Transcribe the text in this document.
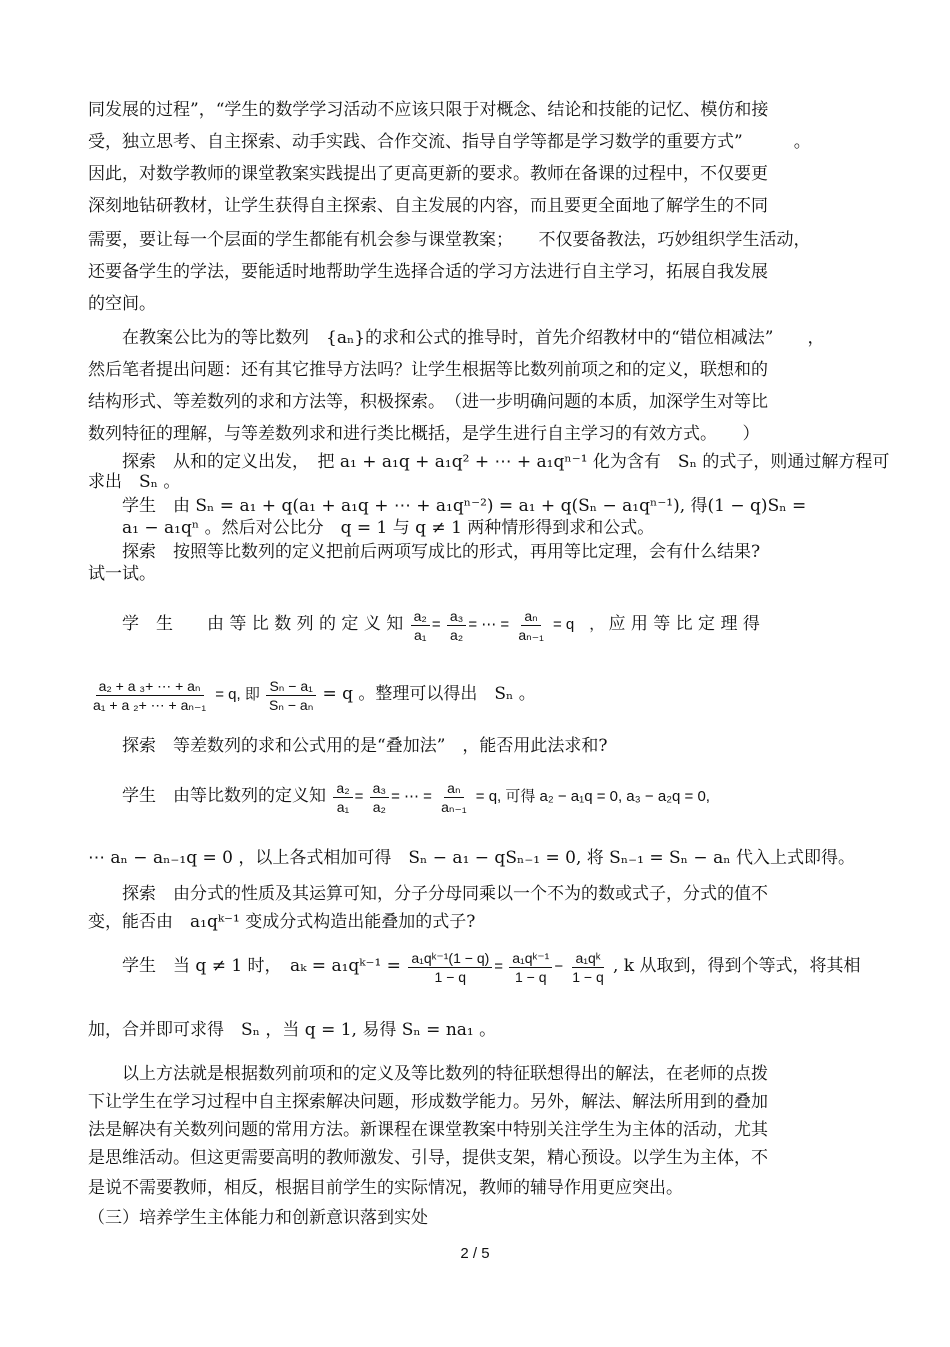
同发展的过程”，“学生的数学学习活动不应该只限于对概念、结论和技能的记忆、模仿和接
受，独立思考、自主探索、动手实践、合作交流、指导自学等都是学习数学的重要方式”　　　。
因此，对数学教师的课堂教案实践提出了更高更新的要求。教师在备课的过程中，不仅要更
深刻地钻研教材，让学生获得自主探索、自主发展的内容，而且要更全面地了解学生的不同
需要，要让每一个层面的学生都能有机会参与课堂教案；　　不仅要备教法，巧妙组织学生活动，
还要备学生的学法，要能适时地帮助学生选择合适的学习方法进行自主学习，拓展自我发展
的空间。
　　在教案公比为的等比数列　{aₙ}的求和公式的推导时，首先介绍教材中的“错位相减法”　　，
然后笔者提出问题：还有其它推导方法吗？让学生根据等比数列前项之和的定义，联想和的
结构形式、等差数列的求和方法等，积极探索。　（进一步明确问题的本质，加深学生对等比
数列特征的理解，与等差数列求和进行类比概括，是学生进行自主学习的有效方式。　　）
　　探索　从和的定义出发，　把 a₁ + a₁q + a₁q² + ⋯ + a₁qⁿ⁻¹ 化为含有　Sₙ 的式子，则通过解方程可
求出　Sₙ 。
　　学生　由 Sₙ = a₁ + q(a₁ + a₁q + ⋯ + a₁qⁿ⁻²) = a₁ + q(Sₙ − a₁qⁿ⁻¹), 得(1 − q)Sₙ =
　　a₁ − a₁qⁿ 。然后对公比分　q = 1 与 q ≠ 1 两种情形得到求和公式。
　　探索　按照等比数列的定义把前后两项写成比的形式，再用等比定理，会有什么结果?
试一试。
　　学　生　　由 等 比 数 列 的 定 义 知 $\frac{\text{a₂}}{\text{a₁}} = \frac{\text{a₃}}{\text{a₂}}$ = ⋯ = $\frac{\text{aₙ}}{\text{aₙ₋₁}} = q$　， 应 用 等 比 定 理 得
$\frac{\text{a₂ + a ₃+ ⋯ + aₙ}}{\text{a₁ + a ₂+ ⋯ + aₙ₋₁}} = q$, 即 $\frac{\text{Sₙ − a₁}}{\text{Sₙ − aₙ}} = q$ 。整理可以得出　Sₙ 。
　　探索　等差数列的求和公式用的是“叠加法”　，能否用此法求和?
　　学生　由等比数列的定义知 $\frac{\text{a₂}}{\text{a₁}} = \frac{\text{a₃}}{\text{a₂}}$ = ⋯ = $\frac{\text{aₙ}}{\text{aₙ₋₁}} = q$, 可得 a₂ − a₁q = 0, a₃ − a₂q = 0,
⋯ aₙ − aₙ₋₁q = 0 ，以上各式相加可得　Sₙ − a₁ − qSₙ₋₁ = 0, 将 Sₙ₋₁ = Sₙ − aₙ 代入上式即得。
　　探索　由分式的性质及其运算可知，分子分母同乘以一个不为的数或式子，分式的值不
变，能否由　a₁qᵏ⁻¹ 变成分式构造出能叠加的式子?
　　学生　当 q ≠ 1 时，　aₖ = a₁qᵏ⁻¹ = $\frac{\text{a₁qᵏ⁻¹(1 − q)}}{1 - q} = \frac{\text{a₁qᵏ⁻¹}}{1 - q} - \frac{\text{a₁qᵏ}}{1 - q}$ , k 从取到，得到个等式，将其相
加，合并即可求得　Sₙ ，当 q = 1, 易得 Sₙ = na₁ 。
　　以上方法就是根据数列前项和的定义及等比数列的特征联想得出的解法，在老师的点拨
下让学生在学习过程中自主探索解决问题，形成数学能力。另外，解法、解法所用到的叠加
法是解决有关数列问题的常用方法。新课程在课堂教案中特别关注学生为主体的活动，尤其
是思维活动。但这更需要高明的教师激发、引导，提供支架，精心预设。以学生为主体，不
是说不需要教师，相反，根据目前学生的实际情况，教师的辅导作用更应突出。
（三）培养学生主体能力和创新意识落到实处
2 / 5
